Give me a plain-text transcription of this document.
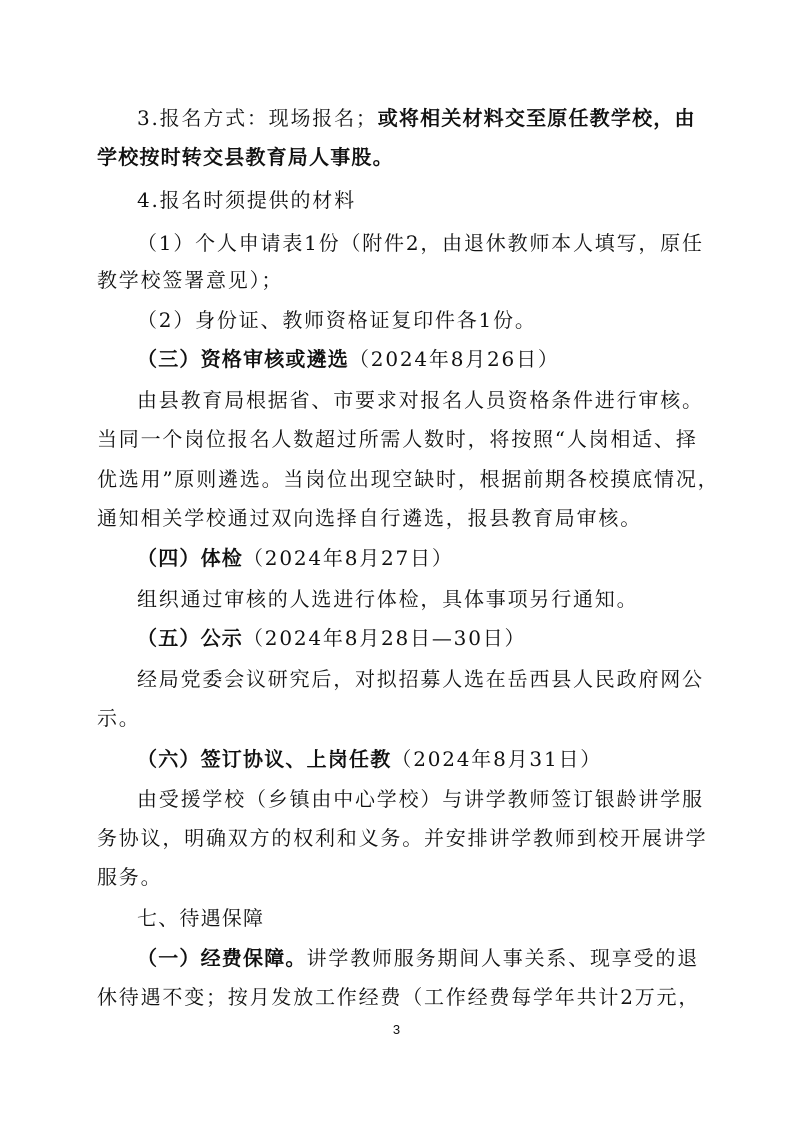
3.报名方式：现场报名；或将相关材料交至原任教学校，由
学校按时转交县教育局人事股。
4.报名时须提供的材料
（1）个人申请表1份（附件2，由退休教师本人填写，原任
教学校签署意见）；
（2）身份证、教师资格证复印件各1份。
（三）资格审核或遴选（2024年8月26日）
由县教育局根据省、市要求对报名人员资格条件进行审核。
当同一个岗位报名人数超过所需人数时，将按照“人岗相适、择
优选用”原则遴选。当岗位出现空缺时，根据前期各校摸底情况，
通知相关学校通过双向选择自行遴选，报县教育局审核。
（四）体检（2024年8月27日）
组织通过审核的人选进行体检，具体事项另行通知。
（五）公示（2024年8月28日—30日）
经局党委会议研究后，对拟招募人选在岳西县人民政府网公
示。
（六）签订协议、上岗任教（2024年8月31日）
由受援学校（乡镇由中心学校）与讲学教师签订银龄讲学服
务协议，明确双方的权利和义务。并安排讲学教师到校开展讲学
服务。
七、待遇保障
（一）经费保障。讲学教师服务期间人事关系、现享受的退
休待遇不变；按月发放工作经费（工作经费每学年共计2万元，
3
